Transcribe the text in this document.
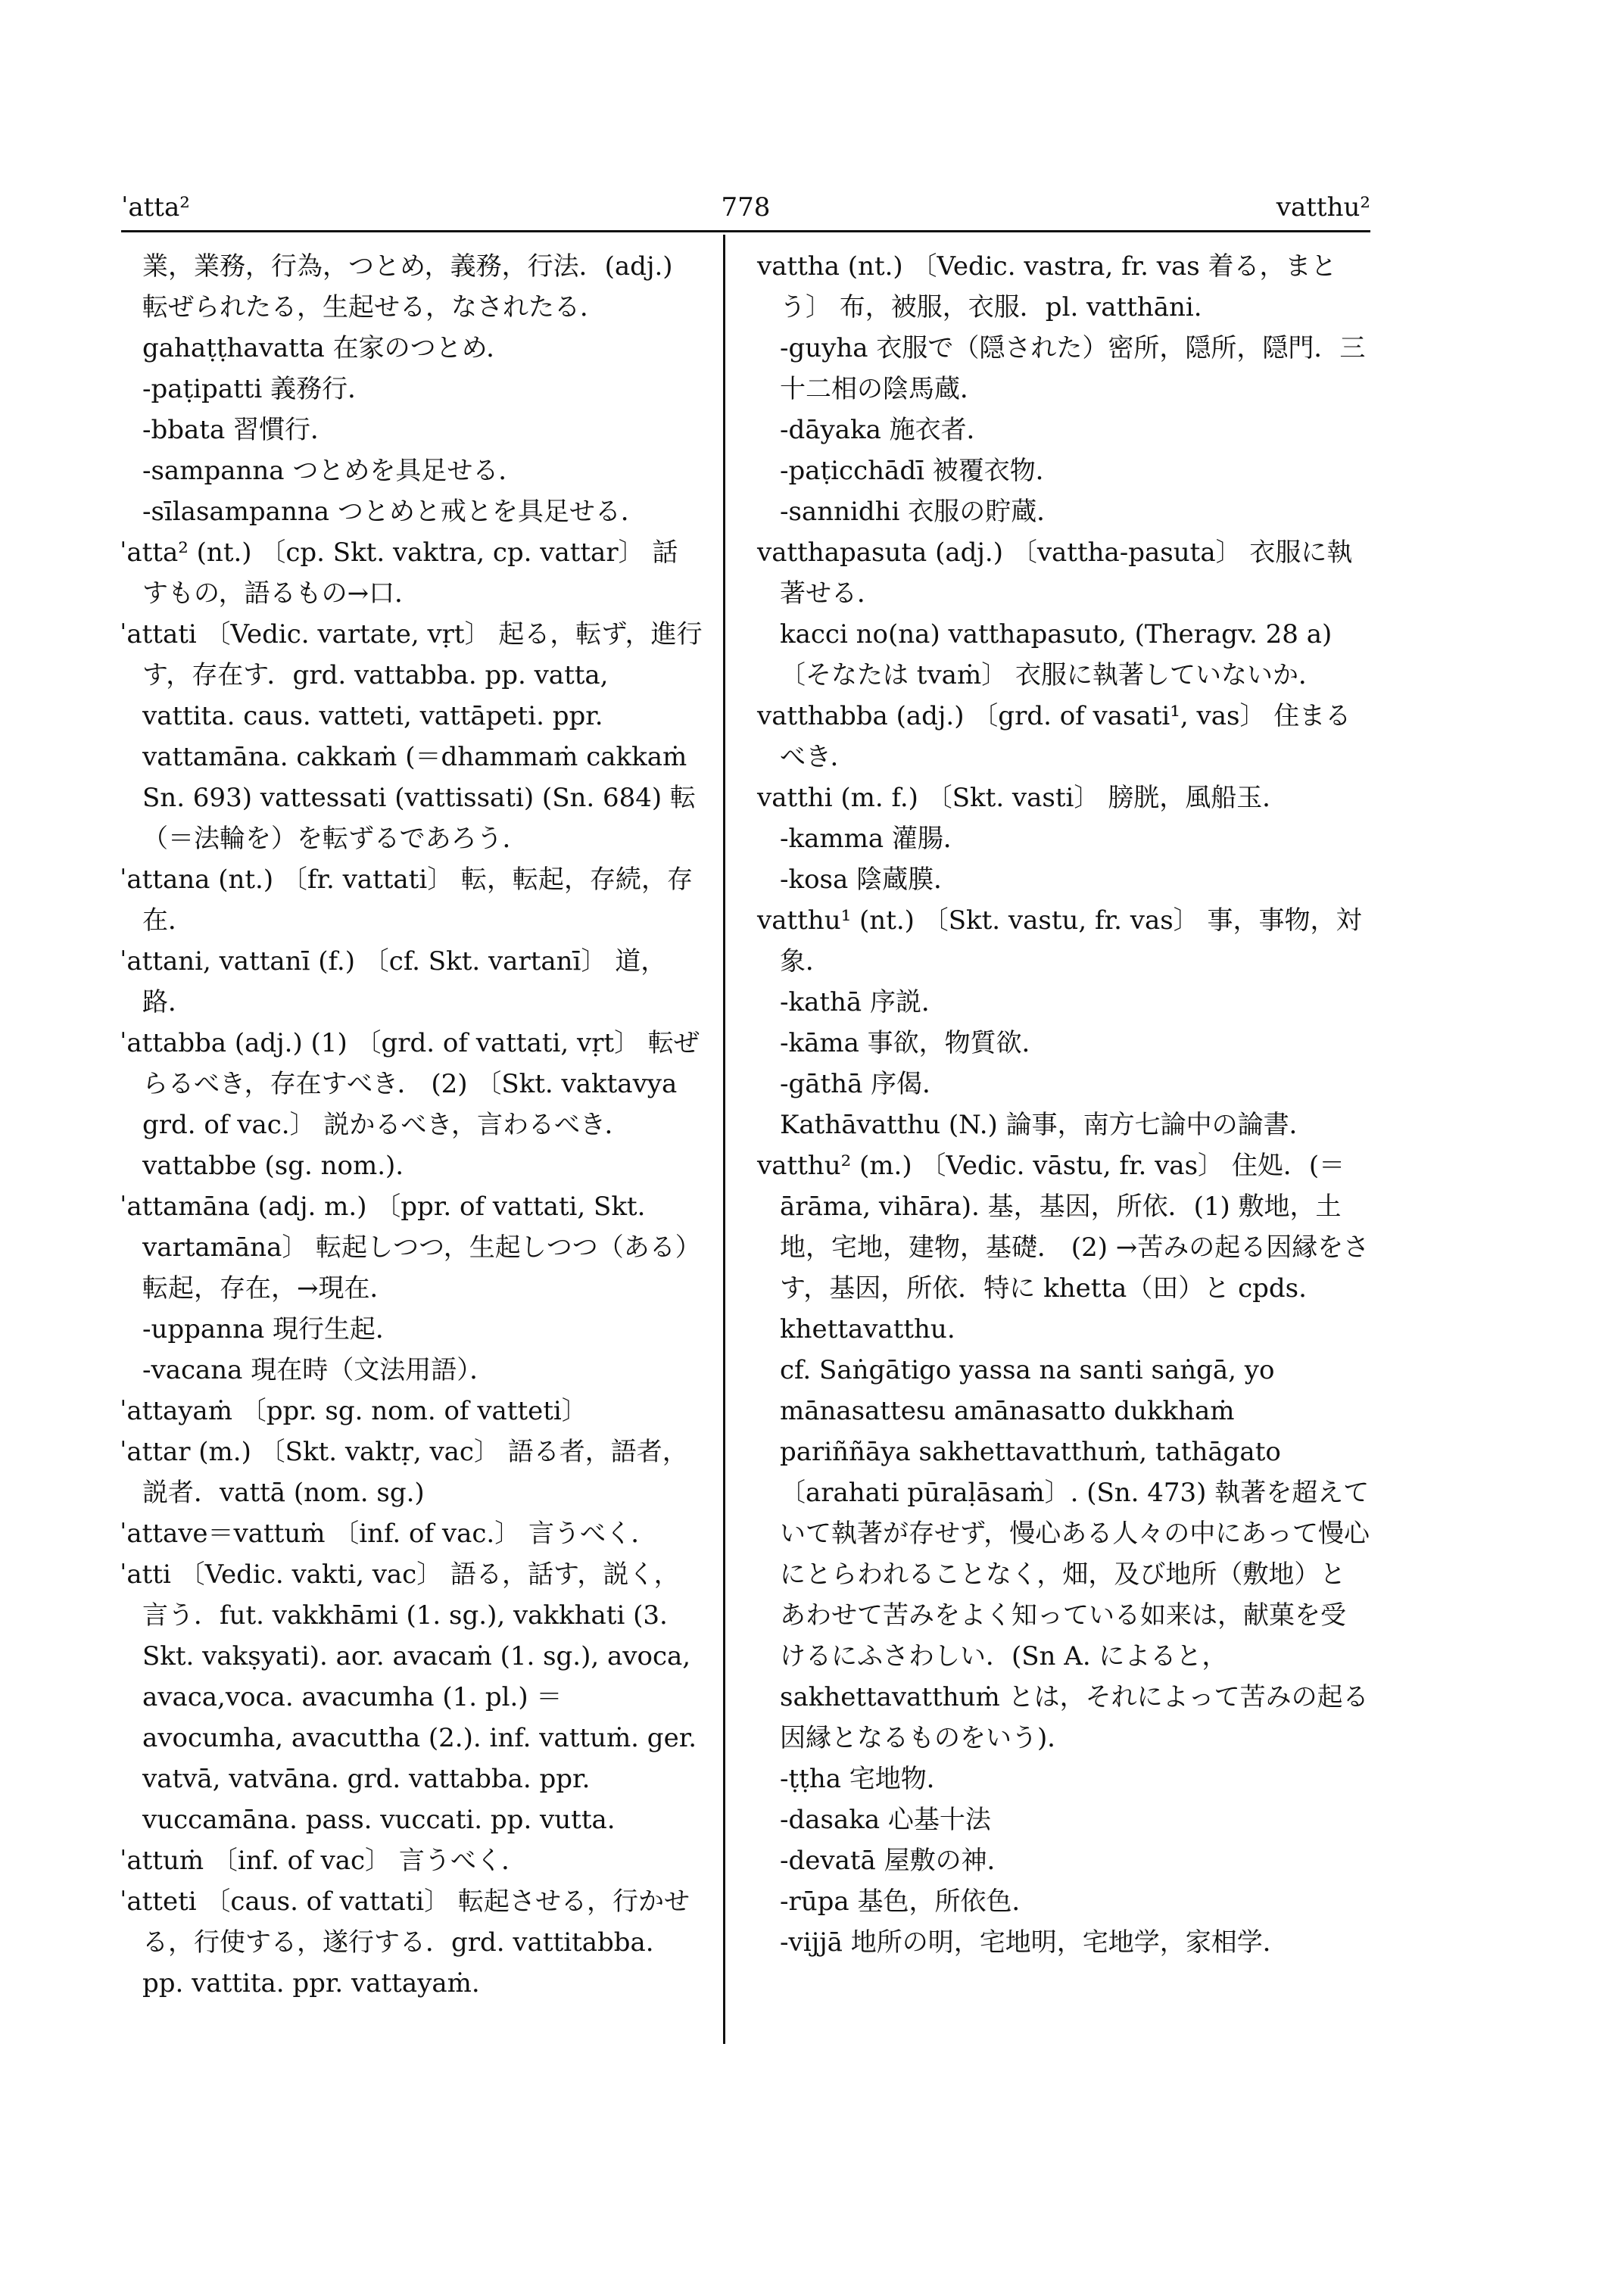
ˈatta²	778	vatthu²

業，業務，行為，つとめ，義務，行法．(adj.) 転ぜられたる，生起せる，なされたる．gahaṭṭhavatta 在家のつとめ．

-paṭipatti 義務行．

-bbata 習慣行．

-sampanna つとめを具足せる．

-sīlasampanna つとめと戒とを具足せる．

ˈatta² (nt.) 〔cp. Skt. vaktra, cp. vattar〕 話すもの，語るもの→口．

ˈattati 〔Vedic. vartate, vṛt〕 起る，転ず，進行す，存在す．grd. vattabba. pp. vatta, vattita. caus. vatteti, vattāpeti. ppr. vattamāna. cakkaṁ (＝dhammaṁ cakkaṁ Sn. 693) vattessati (vattissati) (Sn. 684) 転（＝法輪を）を転ずるであろう．

ˈattana (nt.) 〔fr. vattati〕 転，転起，存続，存在．

ˈattani, vattanī (f.) 〔cf. Skt. vartanī〕 道，路．

ˈattabba (adj.) (1) 〔grd. of vattati, vṛt〕 転ぜらるべき，存在すべき． (2) 〔Skt. vaktavya grd. of vac.〕 説かるべき，言わるべき．

vattabbe (sg. nom.).

ˈattamāna (adj. m.) 〔ppr. of vattati, Skt. vartamāna〕 転起しつつ，生起しつつ（ある）転起，存在，→現在．

-uppanna 現行生起．

-vacana 現在時（文法用語）．

ˈattayaṁ 〔ppr. sg. nom. of vatteti〕

ˈattar (m.) 〔Skt. vaktṛ, vac〕 語る者，語者，説者．vattā (nom. sg.)

ˈattave＝vattuṁ 〔inf. of vac.〕 言うべく．

ˈatti 〔Vedic. vakti, vac〕 語る，話す，説く，言う．fut. vakkhāmi (1. sg.), vakkhati (3. Skt. vakṣyati). aor. avacaṁ (1. sg.), avoca, avaca,voca. avacumha (1. pl.) ＝avocumha, avacuttha (2.). inf. vattuṁ. ger. vatvā, vatvāna. grd. vattabba. ppr. vuccamāna. pass. vuccati. pp. vutta.

ˈattuṁ 〔inf. of vac〕 言うべく．

ˈatteti 〔caus. of vattati〕 転起させる，行かせる，行使する，遂行する．grd. vattitabba. pp. vattita. ppr. vattayaṁ.

vattha (nt.) 〔Vedic. vastra, fr. vas 着る，まとう〕 布，被服，衣服．pl. vatthāni.

-guyha 衣服で（隠された）密所，隠所，隠門．三十二相の陰馬蔵．

-dāyaka 施衣者．

-paṭicchādī 被覆衣物．

-sannidhi 衣服の貯蔵．

vatthapasuta (adj.) 〔vattha-pasuta〕 衣服に執著せる．

kacci no(na) vatthapasuto, (Theragv. 28 a) 〔そなたは tvaṁ〕 衣服に執著していないか．

vatthabba (adj.) 〔grd. of vasati¹, vas〕 住まるべき．

vatthi (m. f.) 〔Skt. vasti〕 膀胱，風船玉．

-kamma 灌腸．

-kosa 陰蔵膜．

vatthu¹ (nt.) 〔Skt. vastu, fr. vas〕 事，事物，対象．

-kathā 序説．

-kāma 事欲，物質欲．

-gāthā 序偈．

Kathāvatthu (N.) 論事，南方七論中の論書．

vatthu² (m.) 〔Vedic. vāstu, fr. vas〕 住処．(＝ārāma, vihāra). 基，基因，所依．(1) 敷地，土地，宅地，建物，基礎． (2) →苦みの起る因縁をさす，基因，所依．特に khetta（田）と cpds. khettavatthu.

cf. Saṅgātigo yassa na santi saṅgā, yo mānasattesu amānasatto dukkhaṁ pariññāya sakhettavatthuṁ, tathāgato 〔arahati pūraḷāsaṁ〕. (Sn. 473) 執著を超えていて執著が存せず，慢心ある人々の中にあって慢心にとらわれることなく，畑，及び地所（敷地）とあわせて苦みをよく知っている如来は，献菓を受けるにふさわしい．(Sn A. によると，sakhettavatthuṁ とは，それによって苦みの起る因縁となるものをいう)．

-ṭṭha 宅地物．

-dasaka 心基十法

-devatā 屋敷の神．

-rūpa 基色，所依色．

-vijjā 地所の明，宅地明，宅地学，家相学．
